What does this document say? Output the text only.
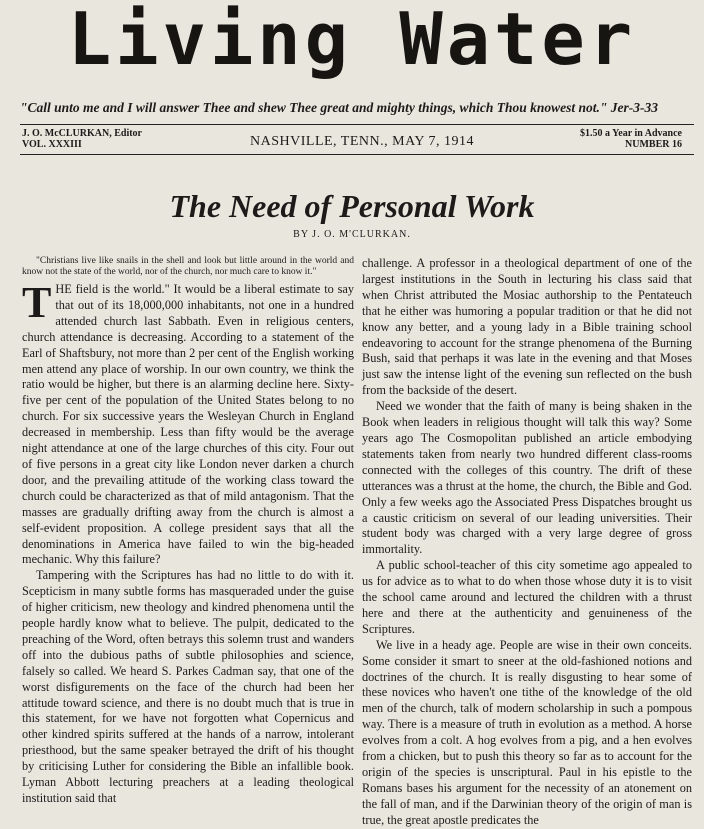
Living Water
"Call unto me and I will answer Thee and shew Thee great and mighty things, which Thou knowest not." Jer-3-33
J. O. McCLURKAN, Editor
VOL. XXXIII	NASHVILLE, TENN., MAY 7, 1914
$1.50 a Year in Advance
NUMBER 16
The Need of Personal Work
BY J. O. M'CLURKAN.

"Christians live like snails in the shell and look but little around in the world and know not the state of the world, nor of the church, nor much care to know it."

T HE field is the world." It would be a liberal estimate to say that out of its 18,000,000 inhabitants, not one in a hundred attended church last Sabbath. Even in religious centers, church attendance is decreasing. According to a statement of the Earl of Shaftsbury, not more than 2 per cent of the English working men attend any place of worship. In our own country, we think the ratio would be higher, but there is an alarming decline here. Sixty-five per cent of the population of the United States belong to no church. For six successive years the Wesleyan Church in England decreased in membership. Less than fifty would be the average night attendance at one of the large churches of this city. Four out of five persons in a great city like London never darken a church door, and the prevailing attitude of the working class toward the church could be characterized as that of mild antagonism. That the masses are gradually drifting away from the church is almost a self-evident proposition. A college president says that all the denominations in America have failed to win the big-headed mechanic. Why this failure?

Tampering with the Scriptures has had no little to do with it. Scepticism in many subtle forms has masqueraded under the guise of higher criticism, new theology and kindred phenomena until the people hardly know what to believe. The pulpit, dedicated to the preaching of the Word, often betrays this solemn trust and wanders off into the dubious paths of subtle philosophies and science, falsely so called. We heard S. Parkes Cadman say, that one of the worst disfigurements on the face of the church had been her attitude toward science, and there is no doubt much that is true in this statement, for we have not forgotten what Copernicus and other kindred spirits suffered at the hands of a narrow, intolerant priesthood, but the same speaker betrayed the drift of his thought by criticising Luther for considering the Bible an infallible book. Lyman Abbott lecturing preachers at a leading theological institution said that

challenge. A professor in a theological department of one of the largest institutions in the South in lecturing his class said that when Christ attributed the Mosiac authorship to the Pentateuch that he either was humoring a popular tradition or that he did not know any better, and a young lady in a Bible training school endeavoring to account for the strange phenomena of the Burning Bush, said that perhaps it was late in the evening and that Moses just saw the intense light of the evening sun reflected on the bush from the backside of the desert.

Need we wonder that the faith of many is being shaken in the Book when leaders in religious thought will talk this way? Some years ago The Cosmopolitan published an article embodying statements taken from nearly two hundred different class-rooms connected with the colleges of this country. The drift of these utterances was a thrust at the home, the church, the Bible and God. Only a few weeks ago the Associated Press Dispatches brought us a caustic criticism on several of our leading universities. Their student body was charged with a very large degree of gross immortality.

A public school-teacher of this city sometime ago appealed to us for advice as to what to do when those whose duty it is to visit the school came around and lectured the children with a thrust here and there at the authenticity and genuineness of the Scriptures.

We live in a heady age. People are wise in their own conceits. Some consider it smart to sneer at the old-fashioned notions and doctrines of the church. It is really disgusting to hear some of these novices who haven't one tithe of the knowledge of the old men of the church, talk of modern scholarship in such a pompous way. There is a measure of truth in evolution as a method. A horse evolves from a colt. A hog evolves from a pig, and a hen evolves from a chicken, but to push this theory so far as to account for the origin of the species is unscriptural. Paul in his epistle to the Romans bases his argument for the necessity of an atonement on the fall of man, and if the Darwinian theory of the origin of man is true, the great apostle predicates the
